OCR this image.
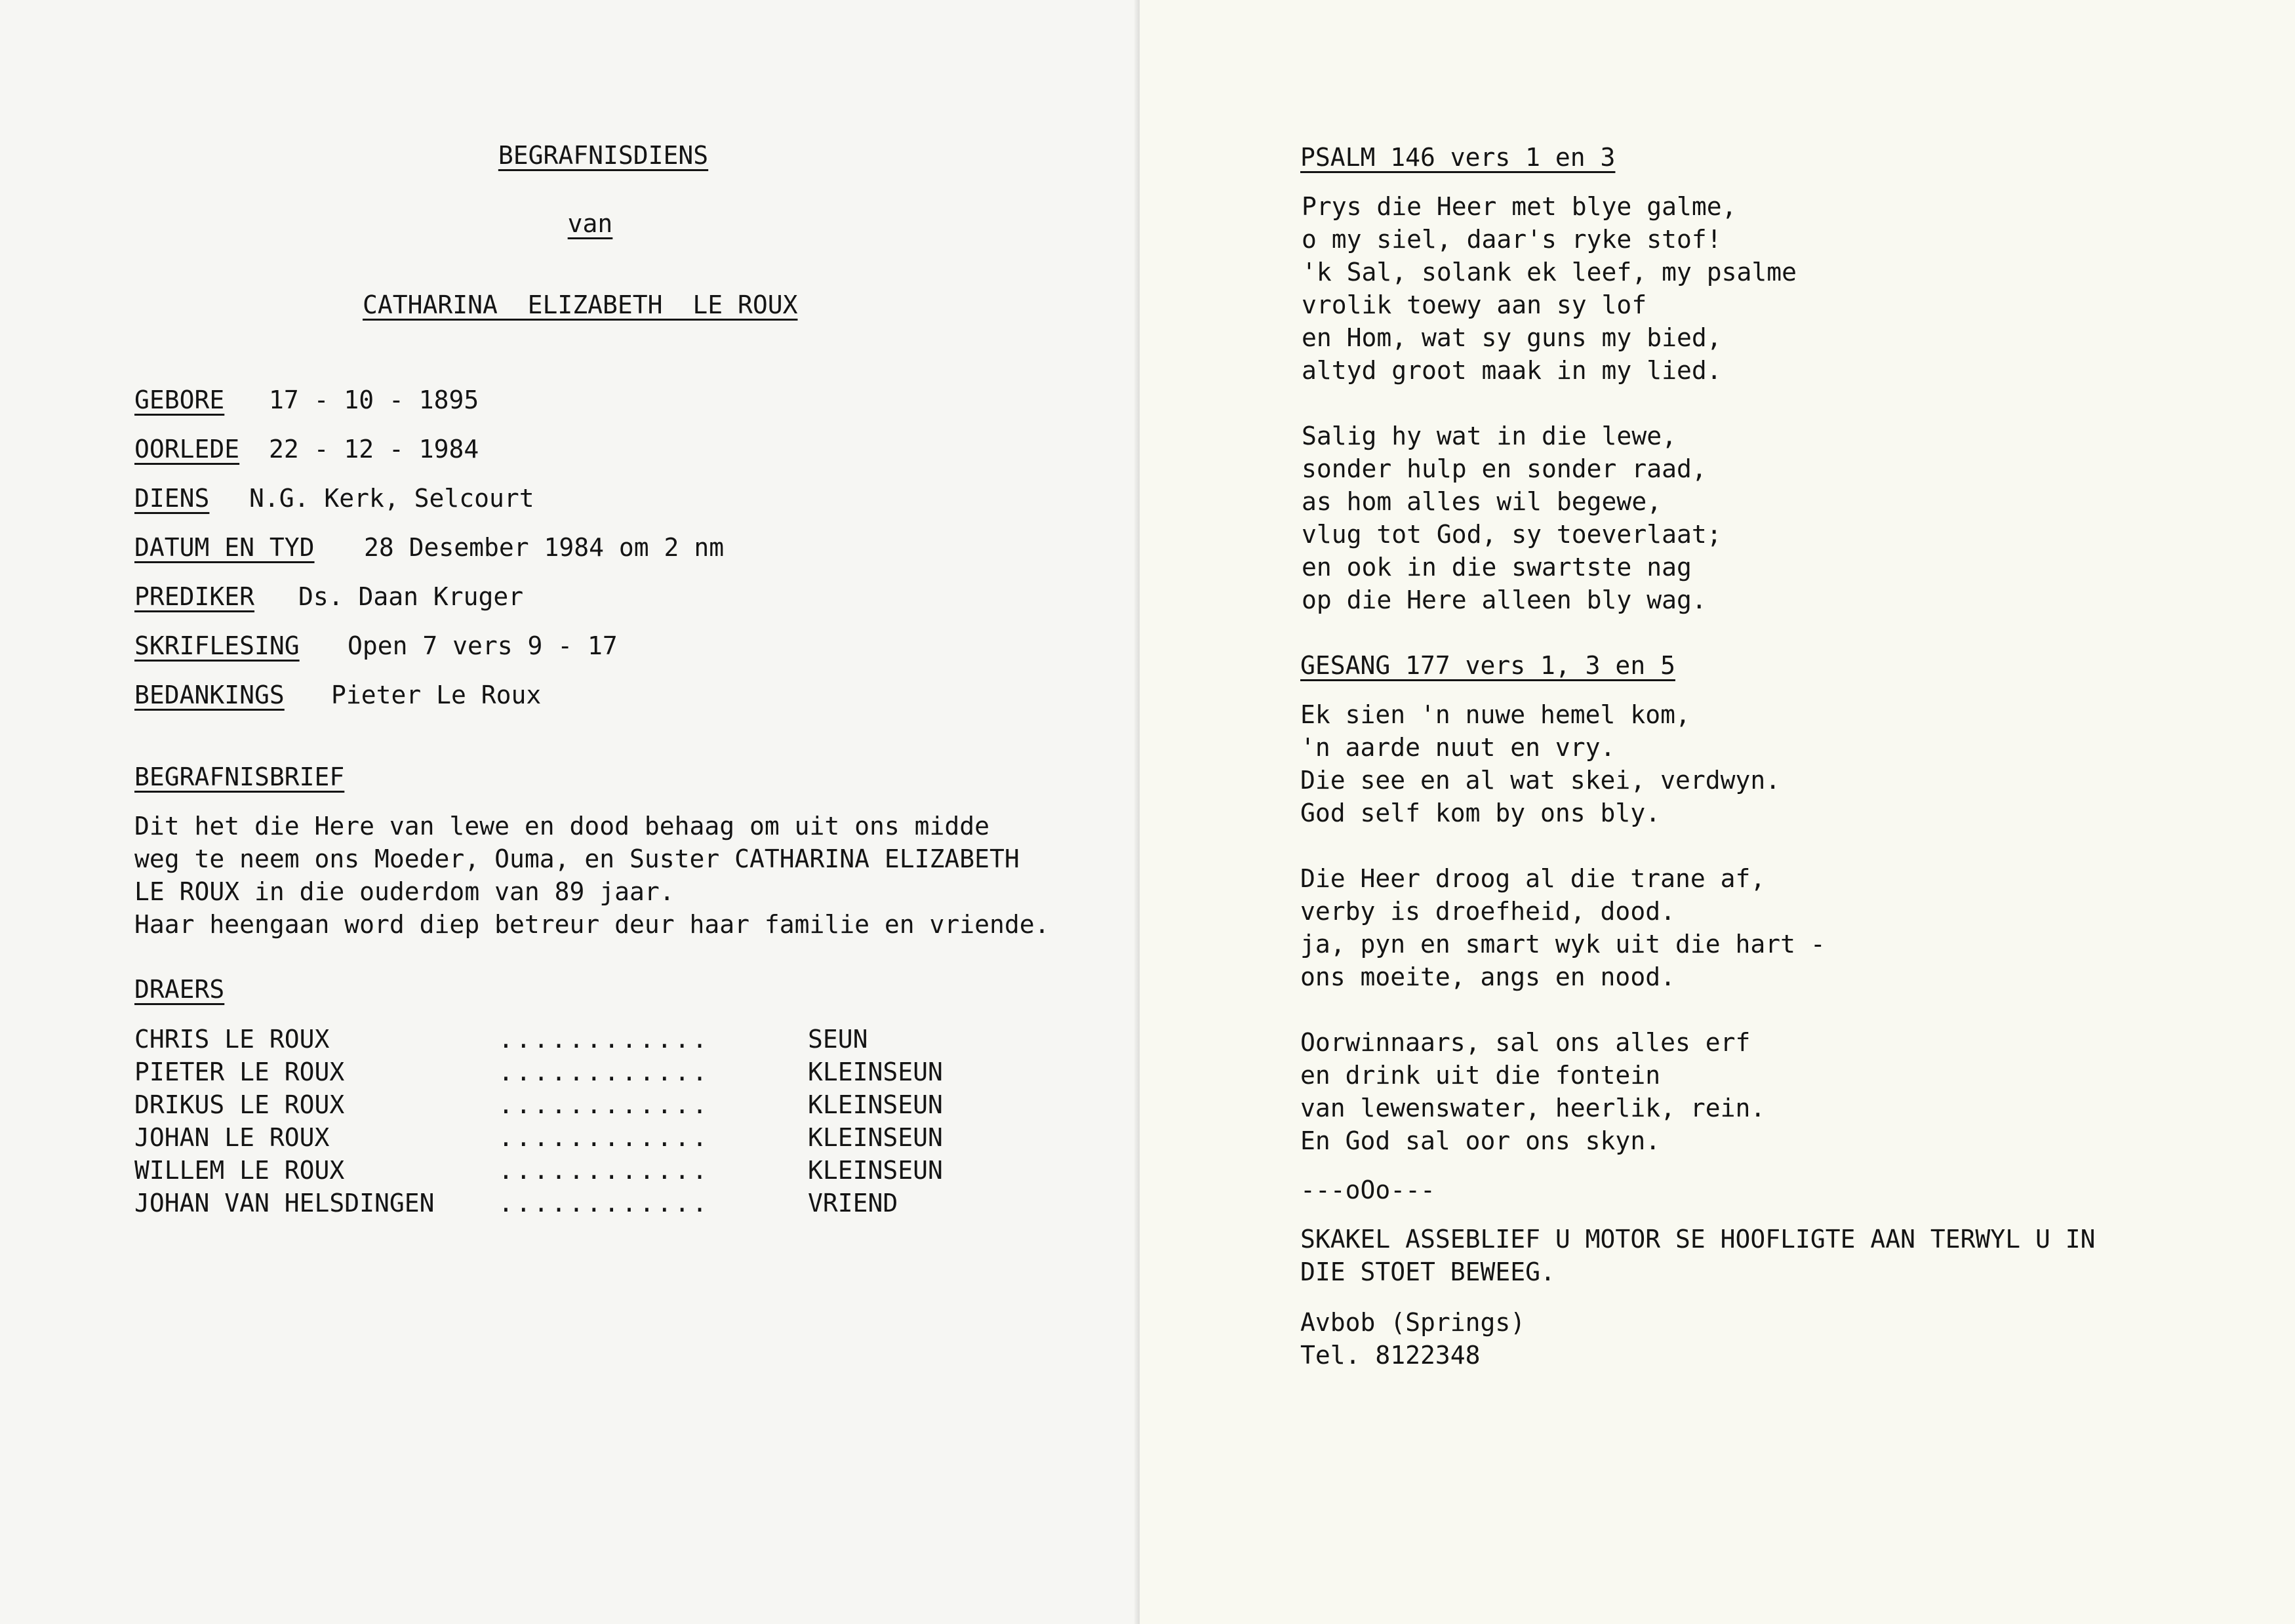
BEGRAFNISDIENS
van
CATHARINA  ELIZABETH  LE ROUX
GEBORE 17 - 10 - 1895
OORLEDE 22 - 12 - 1984
DIENS N.G. Kerk, Selcourt
DATUM EN TYD 28 Desember 1984 om 2 nm
PREDIKER Ds. Daan Kruger
SKRIFLESING Open 7 vers 9 - 17
BEDANKINGS Pieter Le Roux
BEGRAFNISBRIEF
Dit het die Here van lewe en dood behaag om uit ons midde
weg te neem ons Moeder, Ouma, en Suster CATHARINA ELIZABETH
LE ROUX in die ouderdom van 89 jaar.
Haar heengaan word diep betreur deur haar familie en vriende.
DRAERS
CHRIS LE ROUX	............	SEUN
PIETER LE ROUX	............	KLEINSEUN
DRIKUS LE ROUX	............	KLEINSEUN
JOHAN LE ROUX	............	KLEINSEUN
WILLEM LE ROUX	............	KLEINSEUN
JOHAN VAN HELSDINGEN	............	VRIEND
PSALM 146 vers 1 en 3
Prys die Heer met blye galme,
o my siel, daar's ryke stof!
'k Sal, solank ek leef, my psalme
vrolik toewy aan sy lof
en Hom, wat sy guns my bied,
altyd groot maak in my lied.
Salig hy wat in die lewe,
sonder hulp en sonder raad,
as hom alles wil begewe,
vlug tot God, sy toeverlaat;
en ook in die swartste nag
op die Here alleen bly wag.
GESANG 177 vers 1, 3 en 5
Ek sien 'n nuwe hemel kom,
'n aarde nuut en vry.
Die see en al wat skei, verdwyn.
God self kom by ons bly.
Die Heer droog al die trane af,
verby is droefheid, dood.
ja, pyn en smart wyk uit die hart -
ons moeite, angs en nood.
Oorwinnaars, sal ons alles erf
en drink uit die fontein
van lewenswater, heerlik, rein.
En God sal oor ons skyn.
---oOo---
SKAKEL ASSEBLIEF U MOTOR SE HOOFLIGTE AAN TERWYL U IN
DIE STOET BEWEEG.
Avbob (Springs)
Tel. 8122348
